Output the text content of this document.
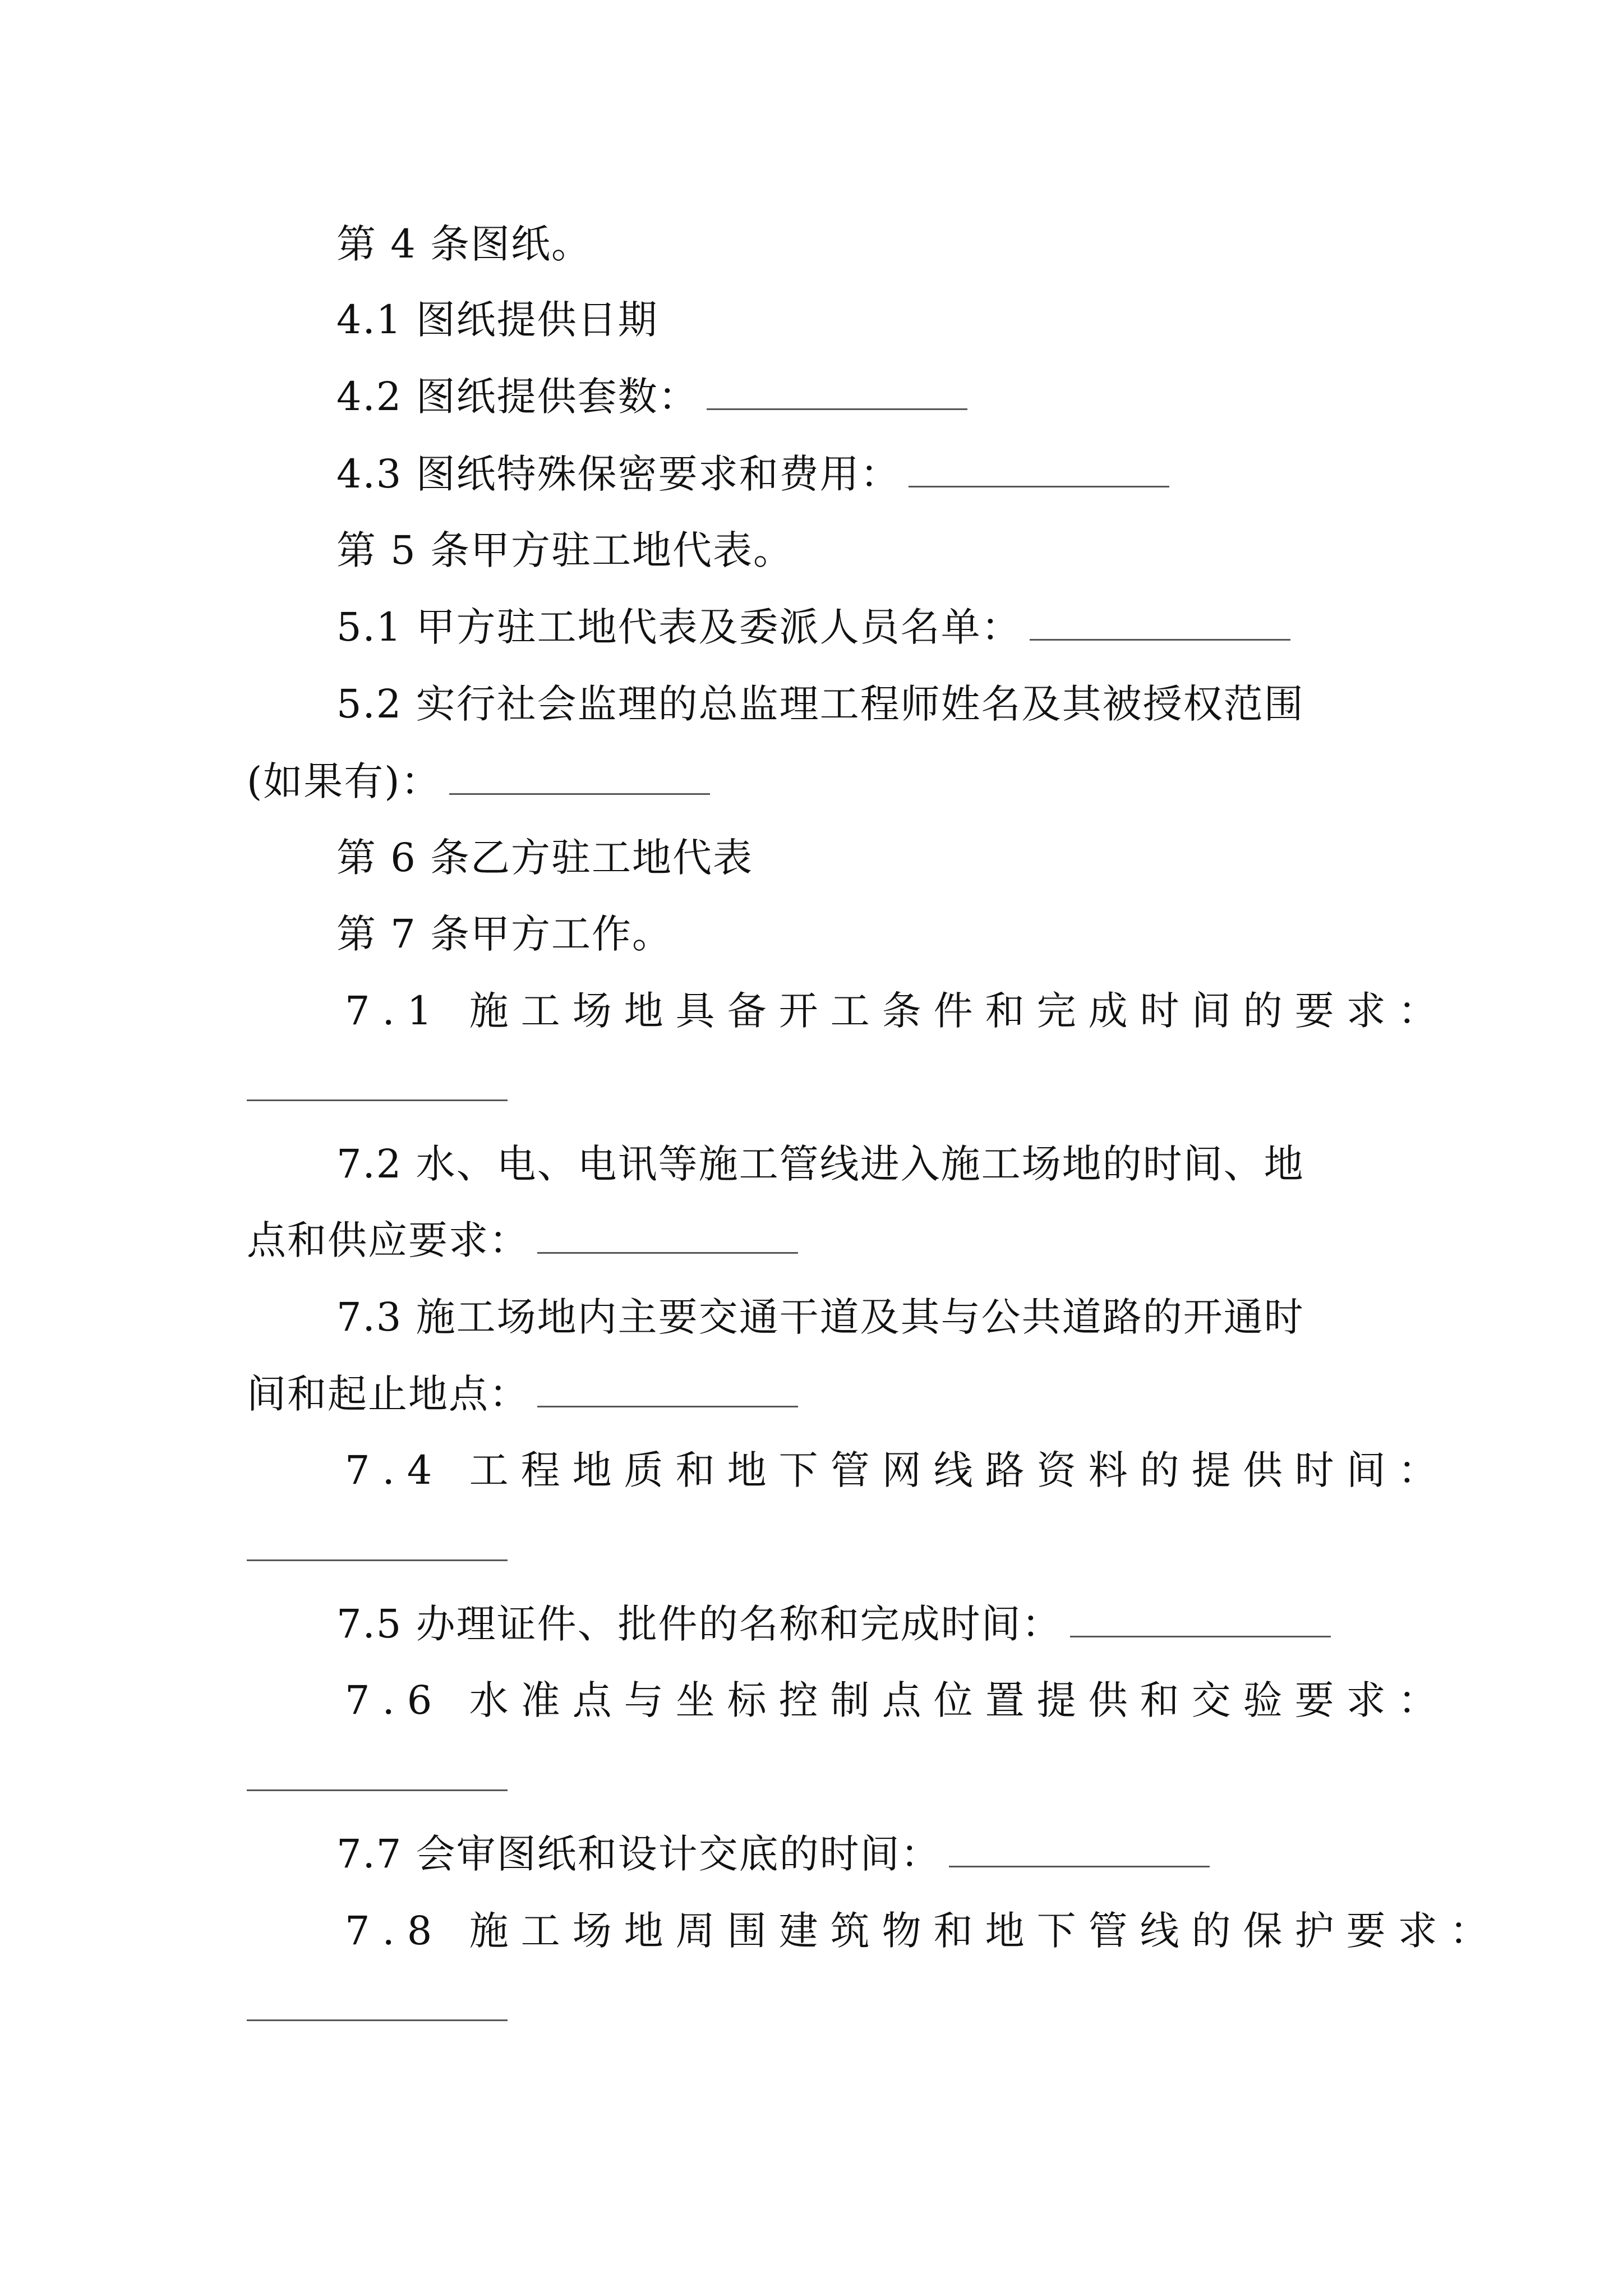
第 4 条图纸。
4.1 图纸提供日期
4.2 图纸提供套数：
4.3 图纸特殊保密要求和费用：
第 5 条甲方驻工地代表。
5.1 甲方驻工地代表及委派人员名单：
5.2 实行社会监理的总监理工程师姓名及其被授权范围
(如果有)：
第 6 条乙方驻工地代表
第 7 条甲方工作。
7.1 施工场地具备开工条件和完成时间的要求：
7.2 水、电、电讯等施工管线进入施工场地的时间、地
点和供应要求：
7.3 施工场地内主要交通干道及其与公共道路的开通时
间和起止地点：
7.4 工程地质和地下管网线路资料的提供时间：
7.5 办理证件、批件的名称和完成时间：
7.6 水准点与坐标控制点位置提供和交验要求：
7.7 会审图纸和设计交底的时间：
7.8 施工场地周围建筑物和地下管线的保护要求：
